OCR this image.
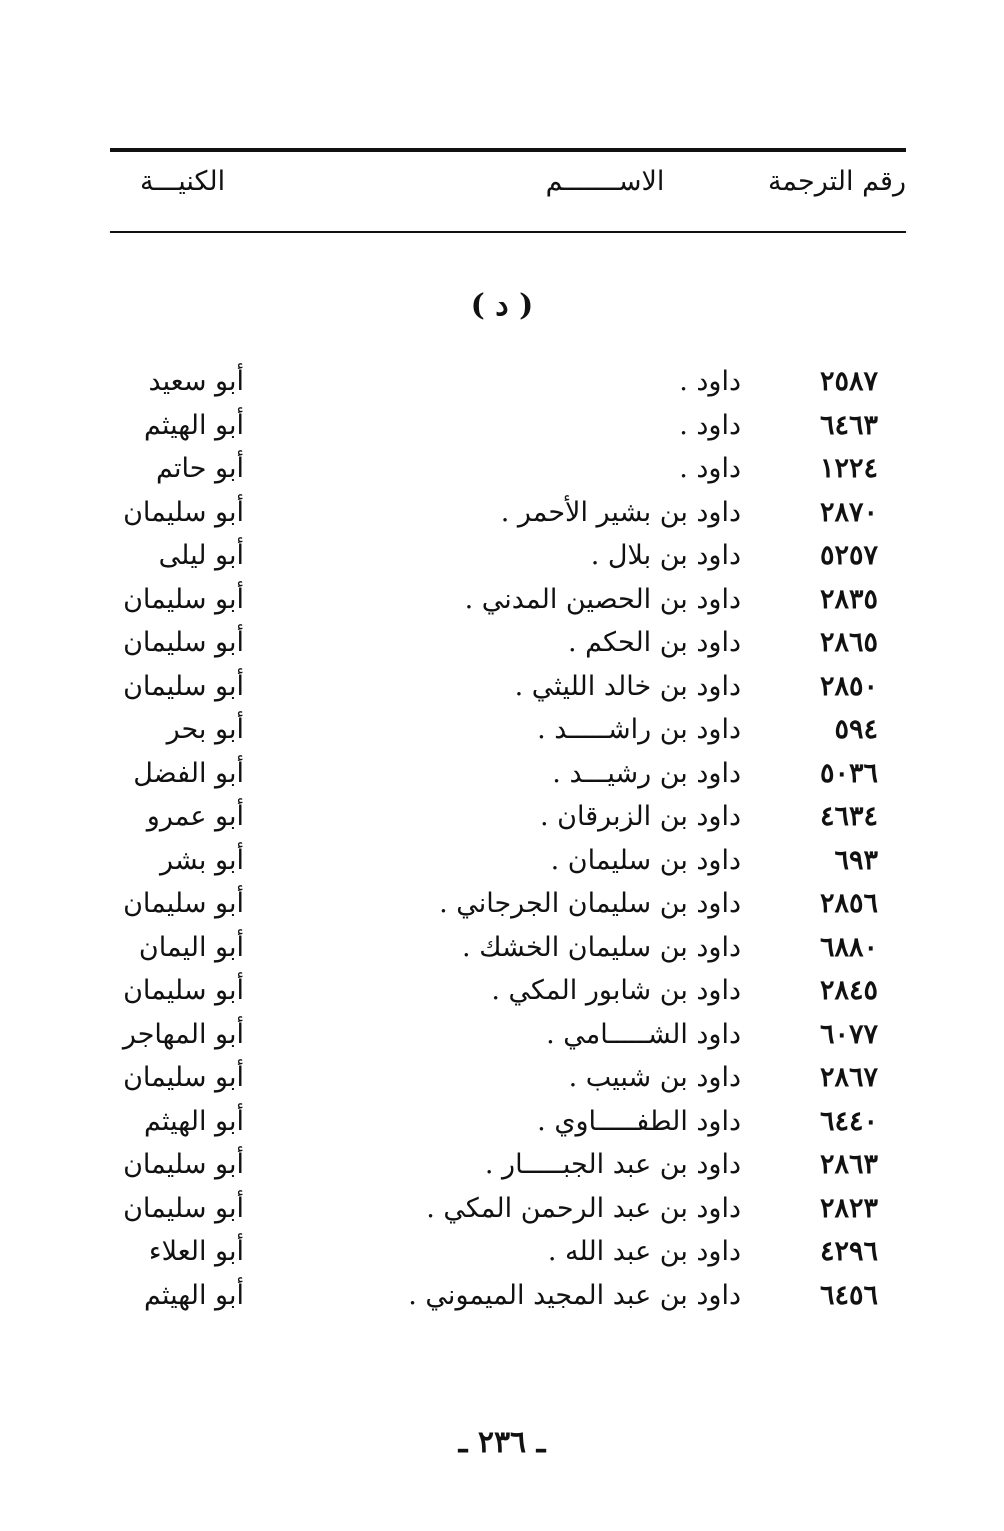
رقم الترجمة
الاســـــــم
الكنيـــة
( د )
٢٥٨٧
داود .
أبو سعيد
٦٤٦٣
داود .
أبو الهيثم
١٢٢٤
داود .
أبو حاتم
٢٨٧٠
داود بن بشير الأحمر .
أبو سليمان
٥٢٥٧
داود بن بلال .
أبو ليلى
٢٨٣٥
داود بن الحصين المدني .
أبو سليمان
٢٨٦٥
داود بن الحكم .
أبو سليمان
٢٨٥٠
داود بن خالد الليثي .
أبو سليمان
٥٩٤
داود بن راشـــــد .
أبو بحر
٥٠٣٦
داود بن رشيـــد .
أبو الفضل
٤٦٣٤
داود بن الزبرقان .
أبو عمرو
٦٩٣
داود بن سليمان .
أبو بشر
٢٨٥٦
داود بن سليمان الجرجاني .
أبو سليمان
٦٨٨٠
داود بن سليمان الخشك .
أبو اليمان
٢٨٤٥
داود بن شابور المكي .
أبو سليمان
٦٠٧٧
داود الشـــــامي .
أبو المهاجر
٢٨٦٧
داود بن شبيب .
أبو سليمان
٦٤٤٠
داود الطفـــــاوي .
أبو الهيثم
٢٨٦٣
داود بن عبد الجبـــــار .
أبو سليمان
٢٨٢٣
داود بن عبد الرحمن المكي .
أبو سليمان
٤٢٩٦
داود بن عبد الله .
أبو العلاء
٦٤٥٦
داود بن عبد المجيد الميموني .
أبو الهيثم
ـ ٢٣٦ ـ
